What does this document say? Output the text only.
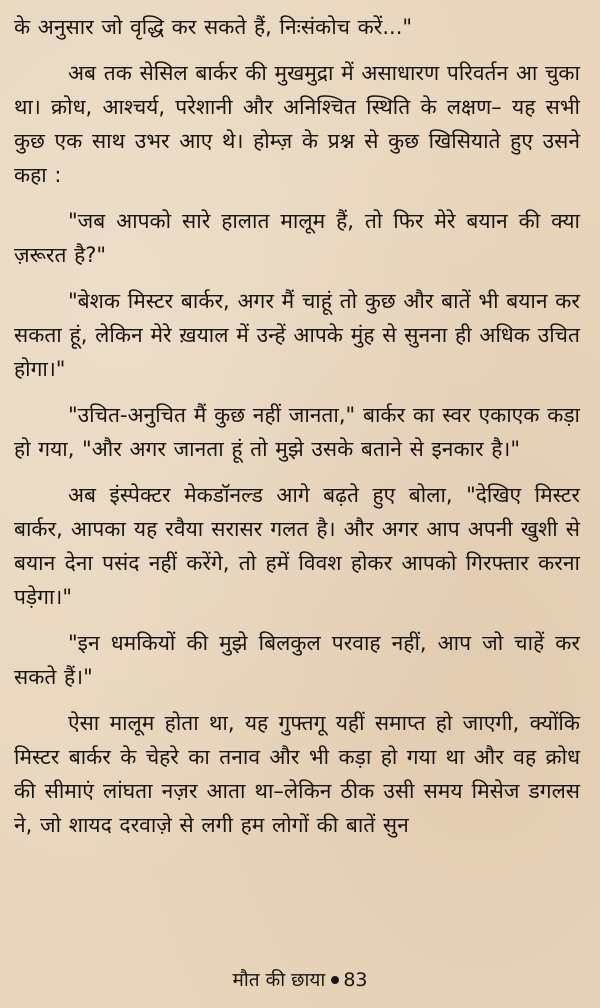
के अनुसार जो वृद्धि कर सकते हैं, निःसंकोच करें..."

अब तक सेसिल बार्कर की मुखमुद्रा में असाधारण परिवर्तन आ चुका था। क्रोध, आश्चर्य, परेशानी और अनिश्चित स्थिति के लक्षण– यह सभी कुछ एक साथ उभर आए थे। होम्ज़ के प्रश्न से कुछ खिसियाते हुए उसने कहा :

"जब आपको सारे हालात मालूम हैं, तो फिर मेरे बयान की क्या ज़रूरत है?"

"बेशक मिस्टर बार्कर, अगर मैं चाहूं तो कुछ और बातें भी बयान कर सकता हूं, लेकिन मेरे ख़याल में उन्हें आपके मुंह से सुनना ही अधिक उचित होगा।"

"उचित-अनुचित मैं कुछ नहीं जानता," बार्कर का स्वर एकाएक कड़ा हो गया, "और अगर जानता हूं तो मुझे उसके बताने से इनकार है।"

अब इंस्पेक्टर मेकडॉनल्ड आगे बढ़ते हुए बोला, "देखिए मिस्टर बार्कर, आपका यह रवैया सरासर गलत है। और अगर आप अपनी खुशी से बयान देना पसंद नहीं करेंगे, तो हमें विवश होकर आपको गिरफ्तार करना पड़ेगा।"

"इन धमकियों की मुझे बिलकुल परवाह नहीं, आप जो चाहें कर सकते हैं।"

ऐसा मालूम होता था, यह गुफ्तगू यहीं समाप्त हो जाएगी, क्योंकि मिस्टर बार्कर के चेहरे का तनाव और भी कड़ा हो गया था और वह क्रोध की सीमाएं लांघता नज़र आता था–लेकिन ठीक उसी समय मिसेज डगलस ने, जो शायद दरवाज़े से लगी हम लोगों की बातें सुन

मौत की छाया 83
